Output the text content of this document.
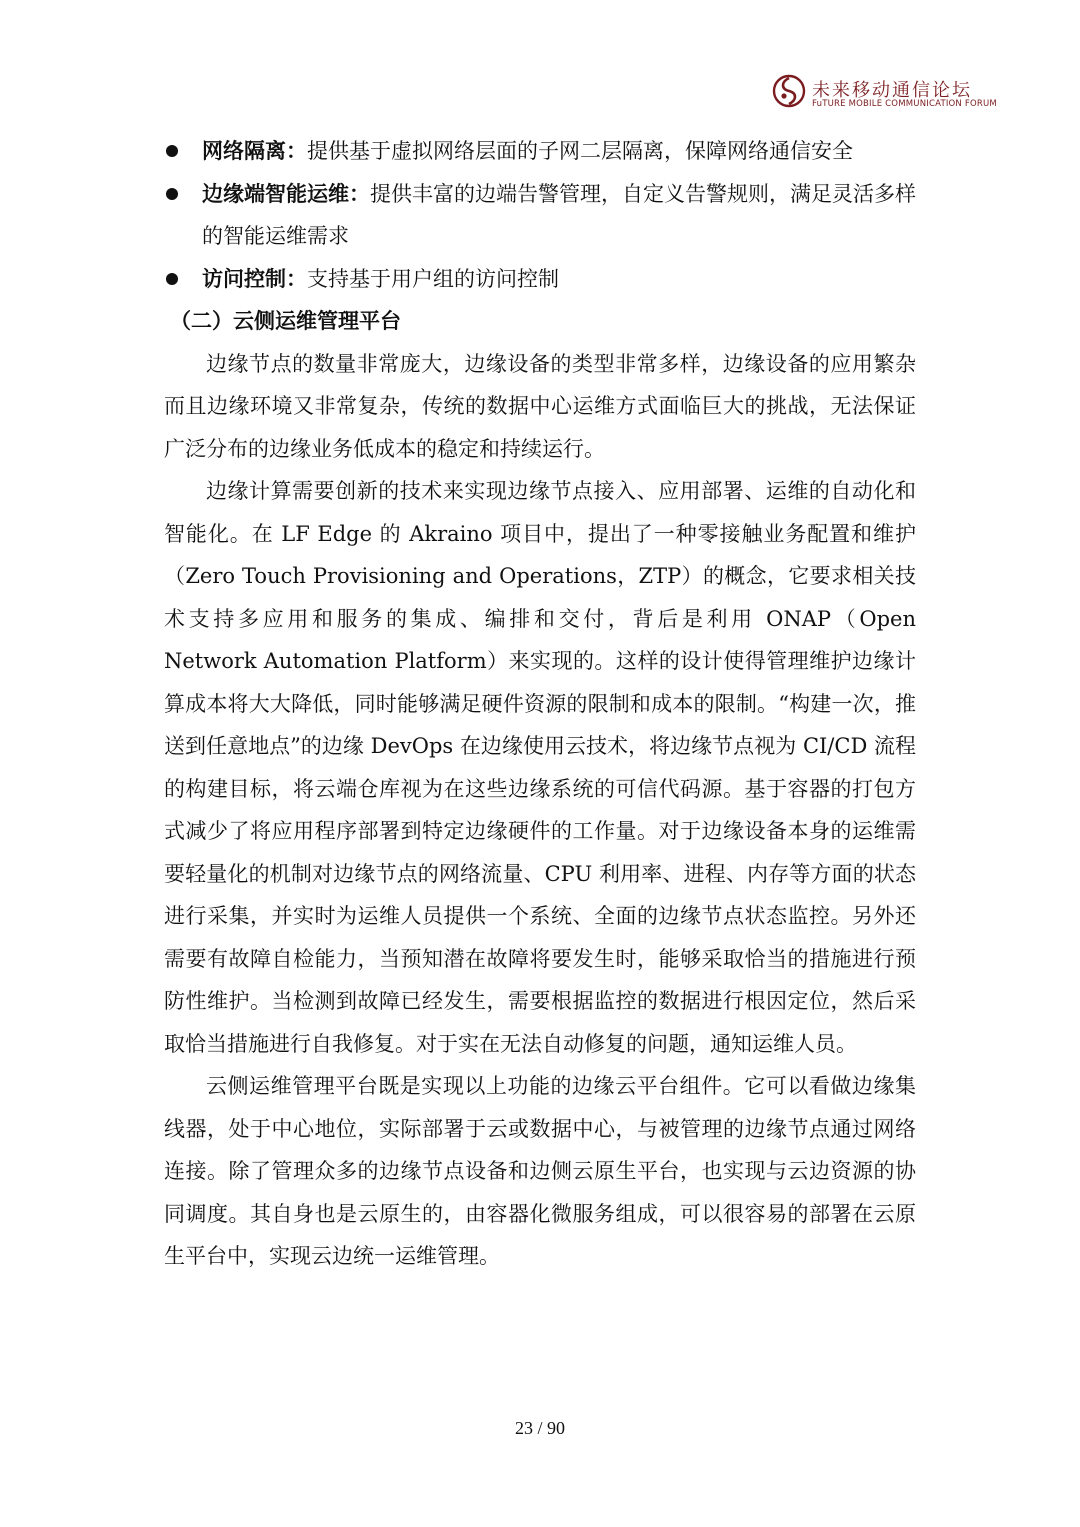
未来移动通信论坛
FuTURE MOBILE COMMUNICATION FORUM
网络隔离：提供基于虚拟网络层面的子网二层隔离，保障网络通信安全
边缘端智能运维：提供丰富的边端告警管理，自定义告警规则，满足灵活多样的智能运维需求
访问控制：支持基于用户组的访问控制
（二）云侧运维管理平台

边缘节点的数量非常庞大，边缘设备的类型非常多样，边缘设备的应用繁杂而且边缘环境又非常复杂，传统的数据中心运维方式面临巨大的挑战，无法保证广泛分布的边缘业务低成本的稳定和持续运行。

边缘计算需要创新的技术来实现边缘节点接入、应用部署、运维的自动化和智能化。在 LF Edge 的 Akraino 项目中，提出了一种零接触业务配置和维护（Zero Touch Provisioning and Operations，ZTP）的概念，它要求相关技术支持多应用和服务的集成、编排和交付，背后是利用 ONAP（Open Network Automation Platform）来实现的。这样的设计使得管理维护边缘计算成本将大大降低，同时能够满足硬件资源的限制和成本的限制。“构建一次，推送到任意地点”的边缘 DevOps 在边缘使用云技术，将边缘节点视为 CI/CD 流程的构建目标，将云端仓库视为在这些边缘系统的可信代码源。基于容器的打包方式减少了将应用程序部署到特定边缘硬件的工作量。对于边缘设备本身的运维需要轻量化的机制对边缘节点的网络流量、CPU 利用率、进程、内存等方面的状态进行采集，并实时为运维人员提供一个系统、全面的边缘节点状态监控。另外还需要有故障自检能力，当预知潜在故障将要发生时，能够采取恰当的措施进行预防性维护。当检测到故障已经发生，需要根据监控的数据进行根因定位，然后采取恰当措施进行自我修复。对于实在无法自动修复的问题，通知运维人员。

云侧运维管理平台既是实现以上功能的边缘云平台组件。它可以看做边缘集线器，处于中心地位，实际部署于云或数据中心，与被管理的边缘节点通过网络连接。除了管理众多的边缘节点设备和边侧云原生平台，也实现与云边资源的协同调度。其自身也是云原生的，由容器化微服务组成，可以很容易的部署在云原生平台中，实现云边统一运维管理。

23 / 90
